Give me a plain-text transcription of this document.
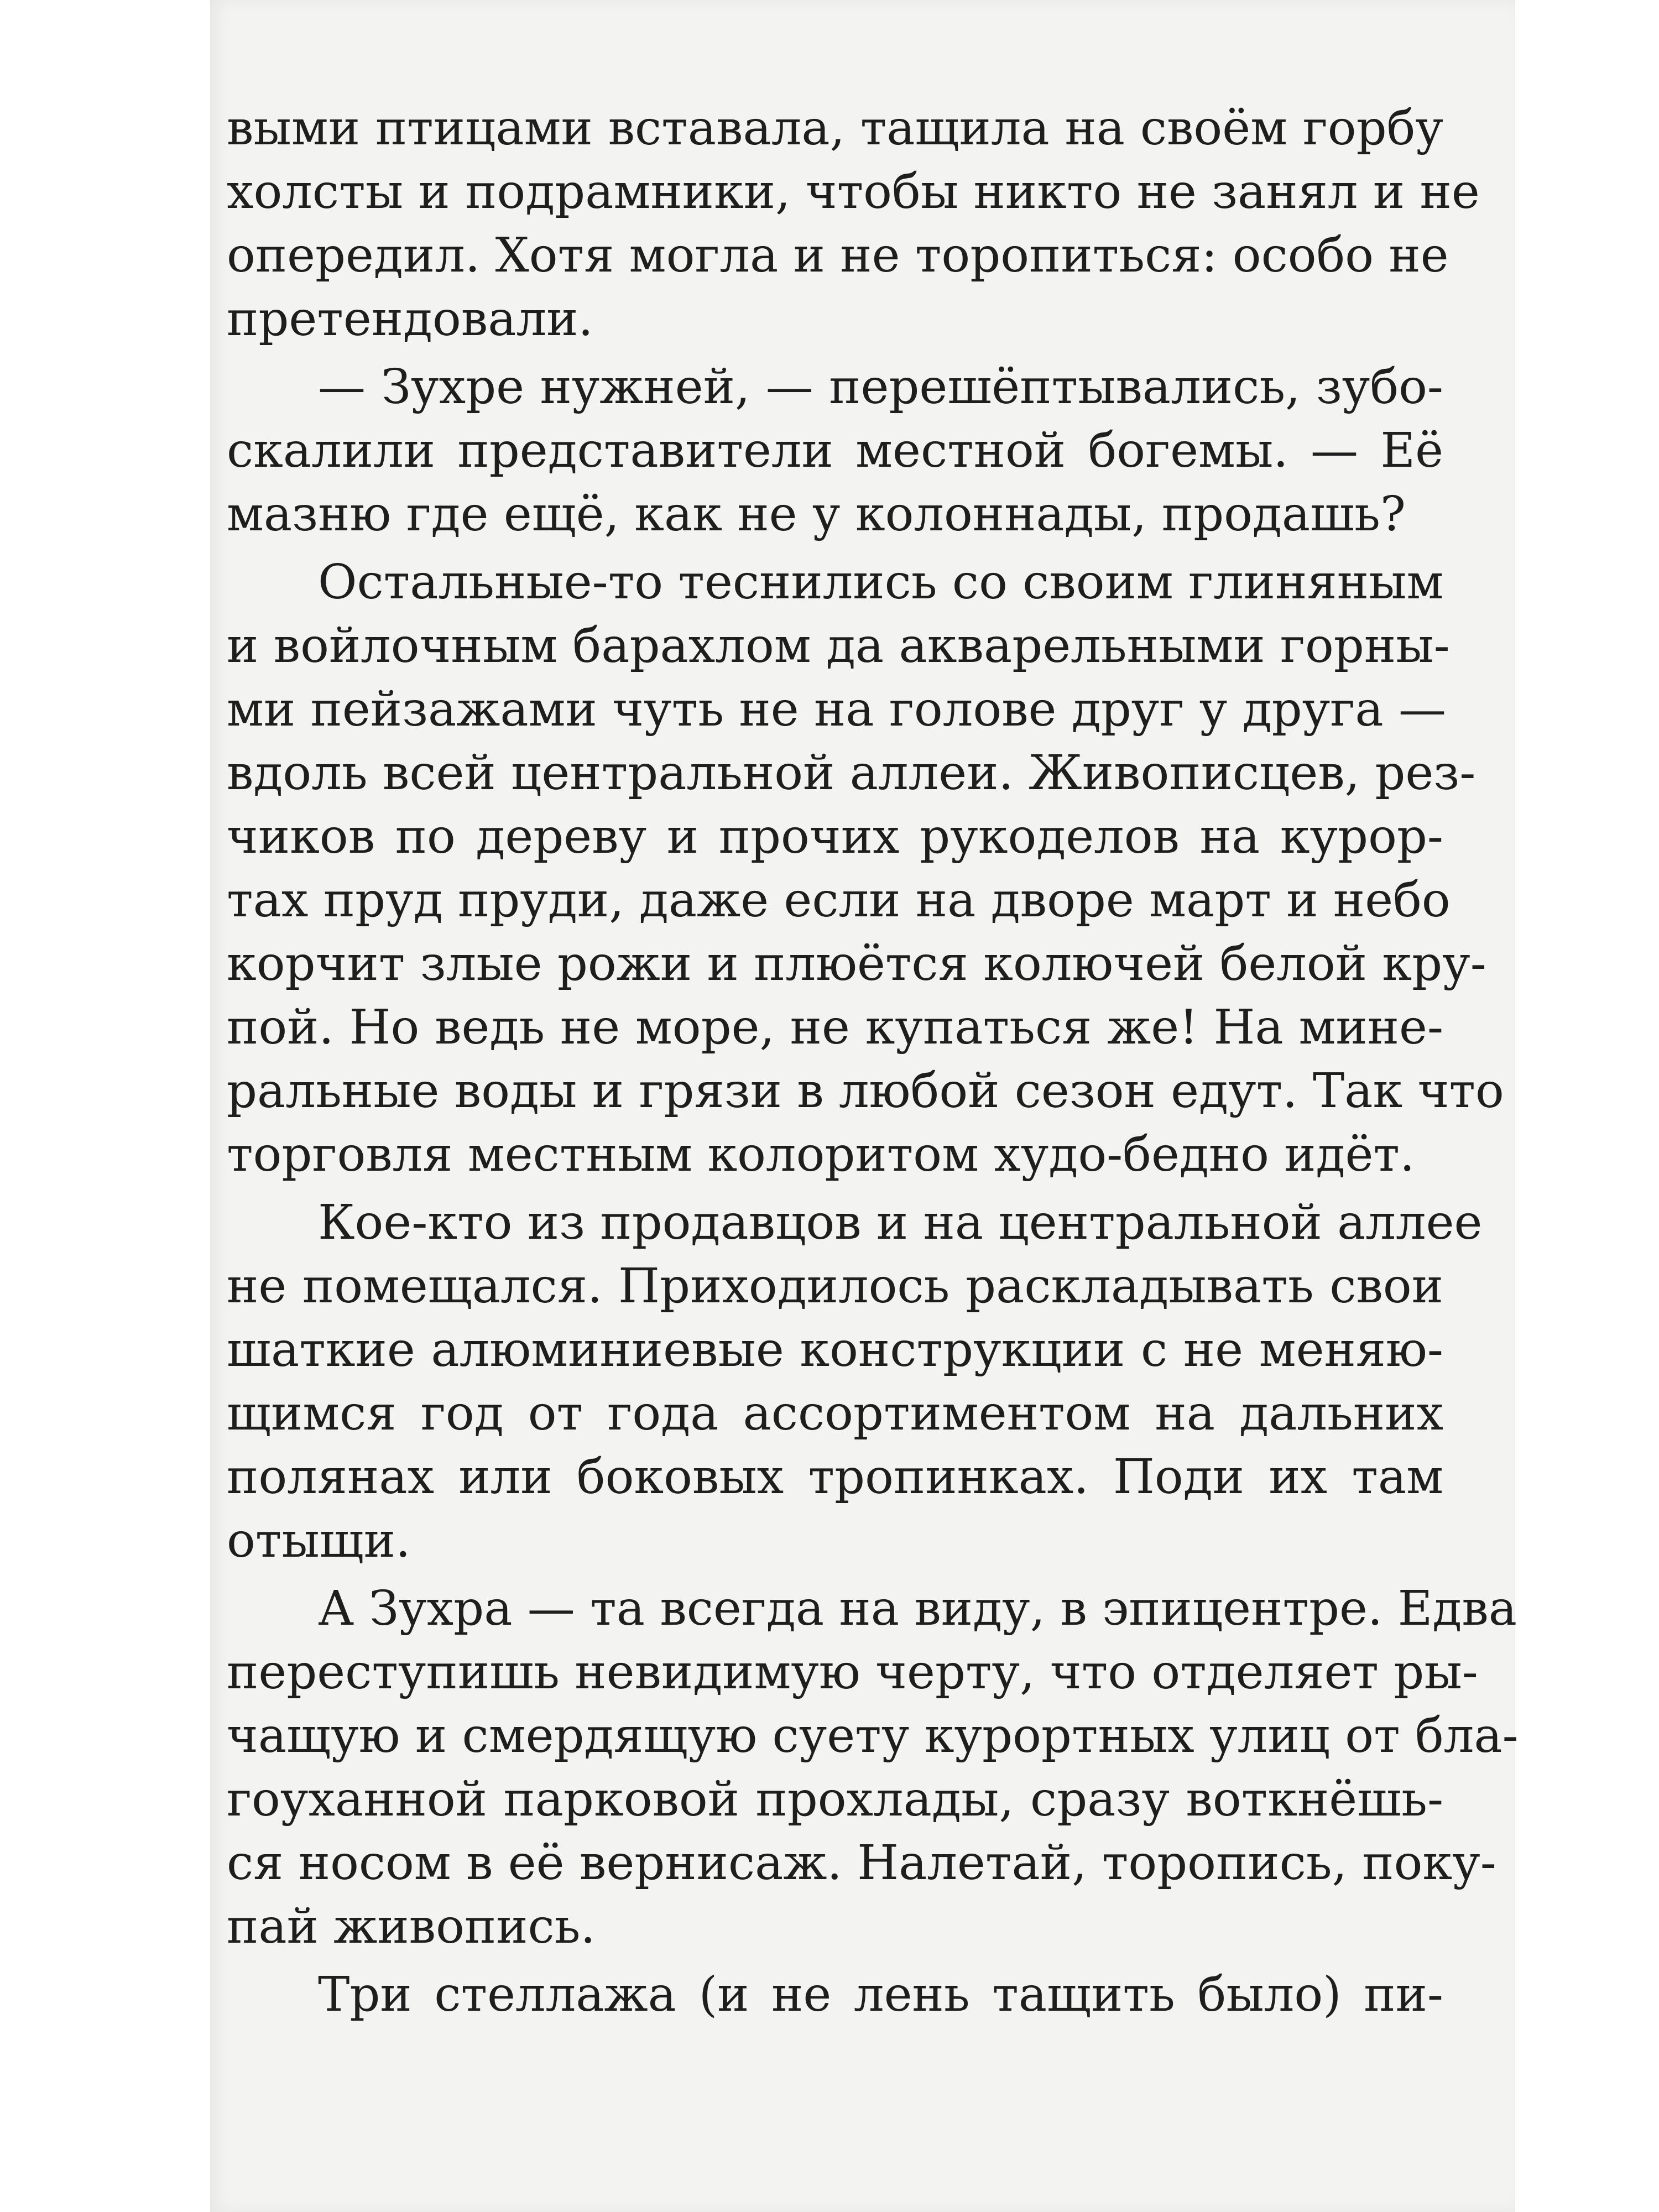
выми птицами вставала, тащила на своём горбу
холсты и подрамники, чтобы никто не занял и не
опередил. Хотя могла и не торопиться: особо не
претендовали.
— Зухре нужней, — перешёптывались, зубо-
скалили представители местной богемы. — Её
мазню где ещё, как не у колоннады, продашь?
Остальные-то теснились со своим глиняным
и войлочным барахлом да акварельными горны-
ми пейзажами чуть не на голове друг у друга —
вдоль всей центральной аллеи. Живописцев, рез-
чиков по дереву и прочих рукоделов на курор-
тах пруд пруди, даже если на дворе март и небо
корчит злые рожи и плюётся колючей белой кру-
пой. Но ведь не море, не купаться же! На мине-
ральные воды и грязи в любой сезон едут. Так что
торговля местным колоритом худо-бедно идёт.
Кое-кто из продавцов и на центральной аллее
не помещался. Приходилось раскладывать свои
шаткие алюминиевые конструкции с не меняю-
щимся год от года ассортиментом на дальних
полянах или боковых тропинках. Поди их там
отыщи.
А Зухра — та всегда на виду, в эпицентре. Едва
переступишь невидимую черту, что отделяет ры-
чащую и смердящую суету курортных улиц от бла-
гоуханной парковой прохлады, сразу воткнёшь-
ся носом в её вернисаж. Налетай, торопись, поку-
пай живопись.
Три стеллажа (и не лень тащить было) пи-
